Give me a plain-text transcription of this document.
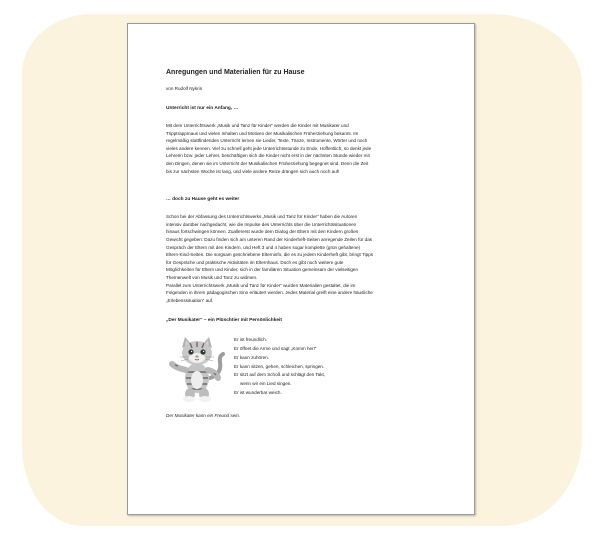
Anregungen und Materialien für zu Hause

von Rudolf Nykrin

Unterricht ist nur ein Anfang, …

Mit dem Unterrichtswerk „Musik und Tanz für Kinder“ werden die Kinder mit Musikater und
Tripptrappmaus und vielen Inhalten und Motiven der Musikalischen Früherziehung bekannt. Im
regelmäßig stattfindenden Unterricht lernen sie Lieder, Texte, Tänze, Instrumente, Wörter und noch
vieles andere kennen. Viel zu schnell geht jede Unterrichtsstunde zu Ende. Hoffentlich, so denkt jede
Lehrerin bzw. jeder Lehrer, beschäftigen sich die Kinder nicht erst in der nächsten Stunde wieder mit
den Dingen, denen sie im Unterricht der Musikalischen Früherziehung begegnet sind. Denn die Zeit
bis zur nächsten Woche ist lang, und viele andere Reize drängen sich auch noch auf!

… doch zu Hause geht es weiter

Schon bei der Abfassung des Unterrichtswerks „Musik und Tanz für Kinder“ haben die Autoren
intensiv darüber nachgedacht, wie die Impulse des Unterrichts über die Unterrichtssituationen
hinaus fortschwingen können. Zuallererst wurde dem Dialog der Eltern mit den Kindern großes
Gewicht gegeben: Dazu finden sich am unteren Rand der Kinderheft-Seiten anregende Zeilen für das
Gespräch der Eltern mit den Kindern, und Heft 3 und 4 haben sogar komplette (grün gehaltene)
Eltern-Kind-Seiten. Die sorgsam geschriebene Elterninfo, die es zu jedem Kinderheft gibt, bringt Tipps
für Gespräche und praktische Aktivitäten im Elternhaus. Doch es gibt noch weitere gute
Möglichkeiten für Eltern und Kinder, sich in der familiären Situation gemeinsam der vielseitigen
Themenwelt von Musik und Tanz zu widmen.
Parallel zum Unterrichtswerk „Musik und Tanz für Kinder“ wurden Materialien gestaltet, die im
Folgenden in ihrem pädagogischen Sinn erläutert werden. Jedes Material greift eine andere häusliche
„Erlebenssituation“ auf.

„Der Musikater“ – ein Plüschtier mit Persönlichkeit
Er ist freundlich.
Er öffnet die Arme und sagt „Komm her!“
Er kann zuhören.
Er kann sitzen, gehen, schleichen, springen.
Er sitzt auf dem Schoß und schlägt den Takt,
wenn wir ein Lied singen.
Er ist wunderbar weich.

Der Musikater kann ein Freund sein.
